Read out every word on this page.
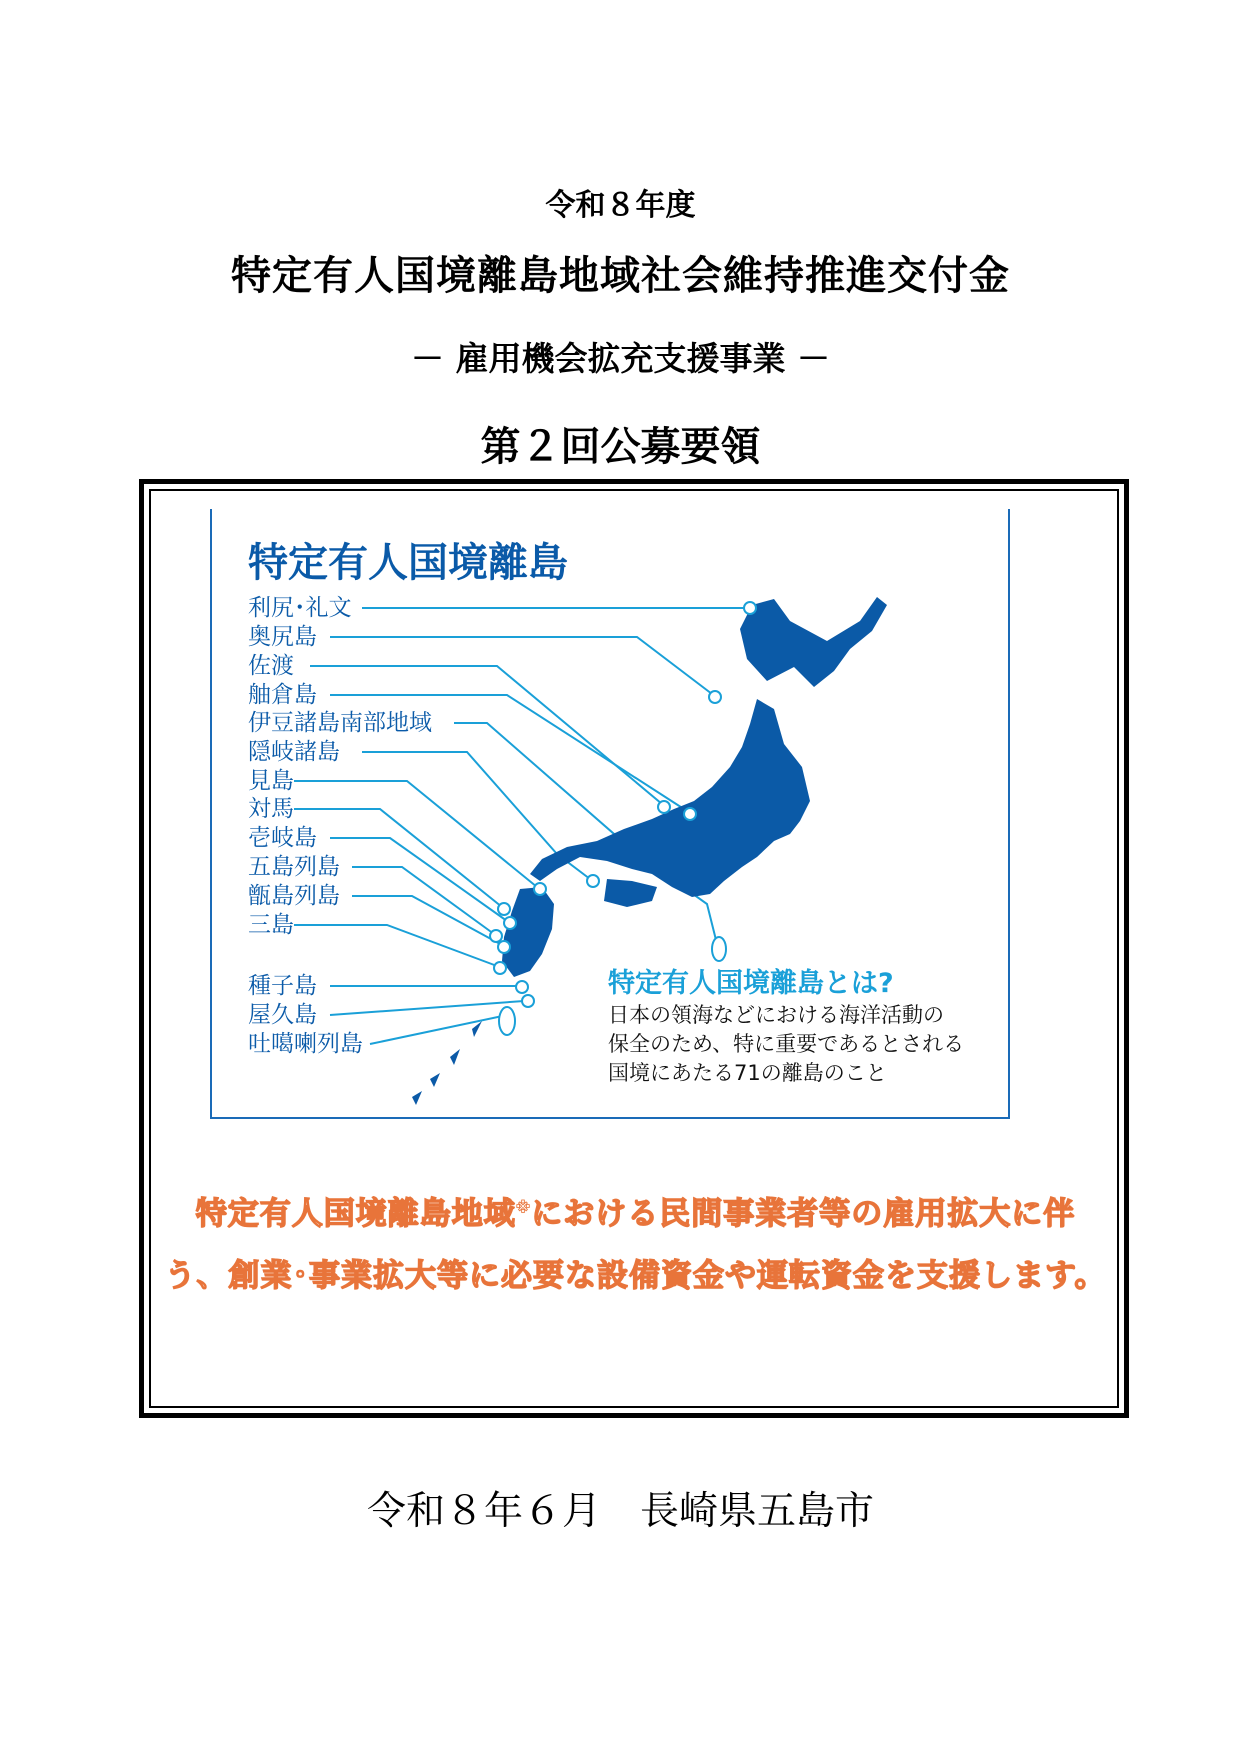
令和８年度
特定有人国境離島地域社会維持推進交付金
－ 雇用機会拡充支援事業 －
第２回公募要領
特定有人国境離島
利尻･礼文
奥尻島
佐渡
舳倉島
伊豆諸島南部地域
隠岐諸島
見島
対馬
壱岐島
五島列島
甑島列島
三島
種子島
屋久島
吐噶喇列島
特定有人国境離島とは?
日本の領海などにおける海洋活動の
保全のため、特に重要であるとされる
国境にあたる71の離島のこと
特定有人国境離島地域※における民間事業者等の雇用拡大に伴
う、創業･事業拡大等に必要な設備資金や運転資金を支援します。
令和８年６月　長崎県五島市
